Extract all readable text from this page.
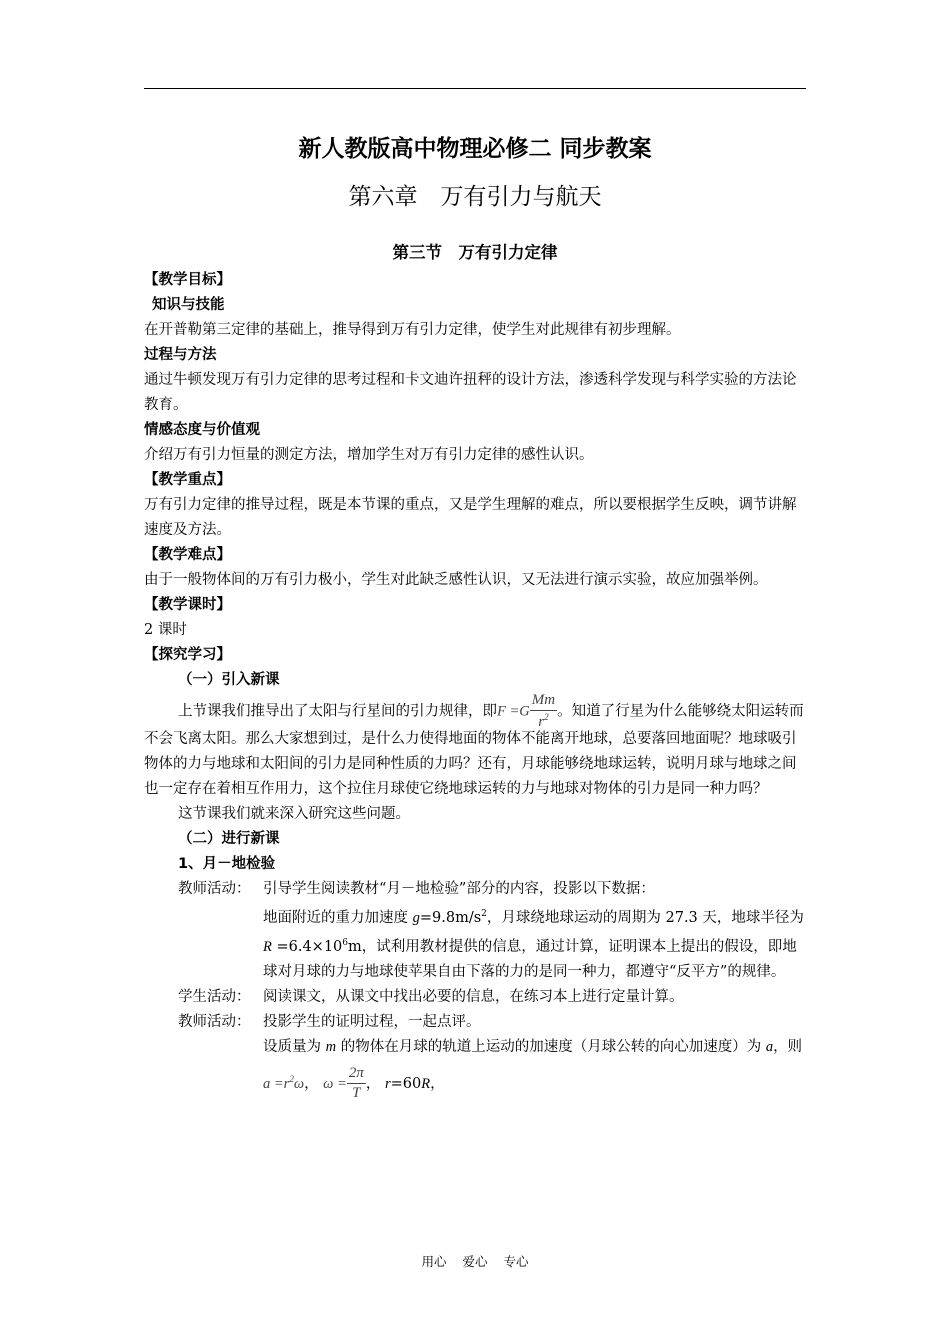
新人教版高中物理必修二 同步教案
第六章　万有引力与航天
第三节　万有引力定律
【教学目标】
知识与技能
在开普勒第三定律的基础上，推导得到万有引力定律，使学生对此规律有初步理解。
过程与方法
通过牛顿发现万有引力定律的思考过程和卡文迪许扭秤的设计方法，渗透科学发现与科学实验的方法论教育。
情感态度与价值观
介绍万有引力恒量的测定方法，增加学生对万有引力定律的感性认识。
【教学重点】
万有引力定律的推导过程，既是本节课的重点，又是学生理解的难点，所以要根据学生反映，调节讲解速度及方法。
【教学难点】
由于一般物体间的万有引力极小，学生对此缺乏感性认识，又无法进行演示实验，故应加强举例。
【教学课时】
2 课时
【探究学习】
（一）引入新课
上节课我们推导出了太阳与行星间的引力规律，即$F =G \frac{Mm}{r^2}$ 。知道了行星为什么能够绕太阳运转而不会飞离太阳。那么大家想到过，是什么力使得地面的物体不能离开地球，总要落回地面呢？地球吸引物体的力与地球和太阳间的引力是同种性质的力吗？还有，月球能够绕地球运转，说明月球与地球之间也一定存在着相互作用力，这个拉住月球使它绕地球运转的力与地球对物体的引力是同一种力吗？
这节课我们就来深入研究这些问题。
（二）进行新课
1、月－地检验
教师活动： 引导学生阅读教材“月－地检验”部分的内容，投影以下数据：
地面附近的重力加速度 $g=9.8m/s^2$，月球绕地球运动的周期为 27.3 天，地球半径为 $R =6.4\times 10^6m$，试利用教材提供的信息，通过计算，证明课本上提出的假设，即地球对月球的力与地球使苹果自由下落的力的是同一种力，都遵守“反平方”的规律。
学生活动： 阅读课文，从课文中找出必要的信息，在练习本上进行定量计算。
教师活动： 投影学生的证明过程，一起点评。
设质量为 m 的物体在月球的轨道上运动的加速度（月球公转的向心加速度）为 a，则$a =r^2\omega$， $\omega = \frac{2\pi}{T}$ ， r=60R，
用心 爱心 专心
